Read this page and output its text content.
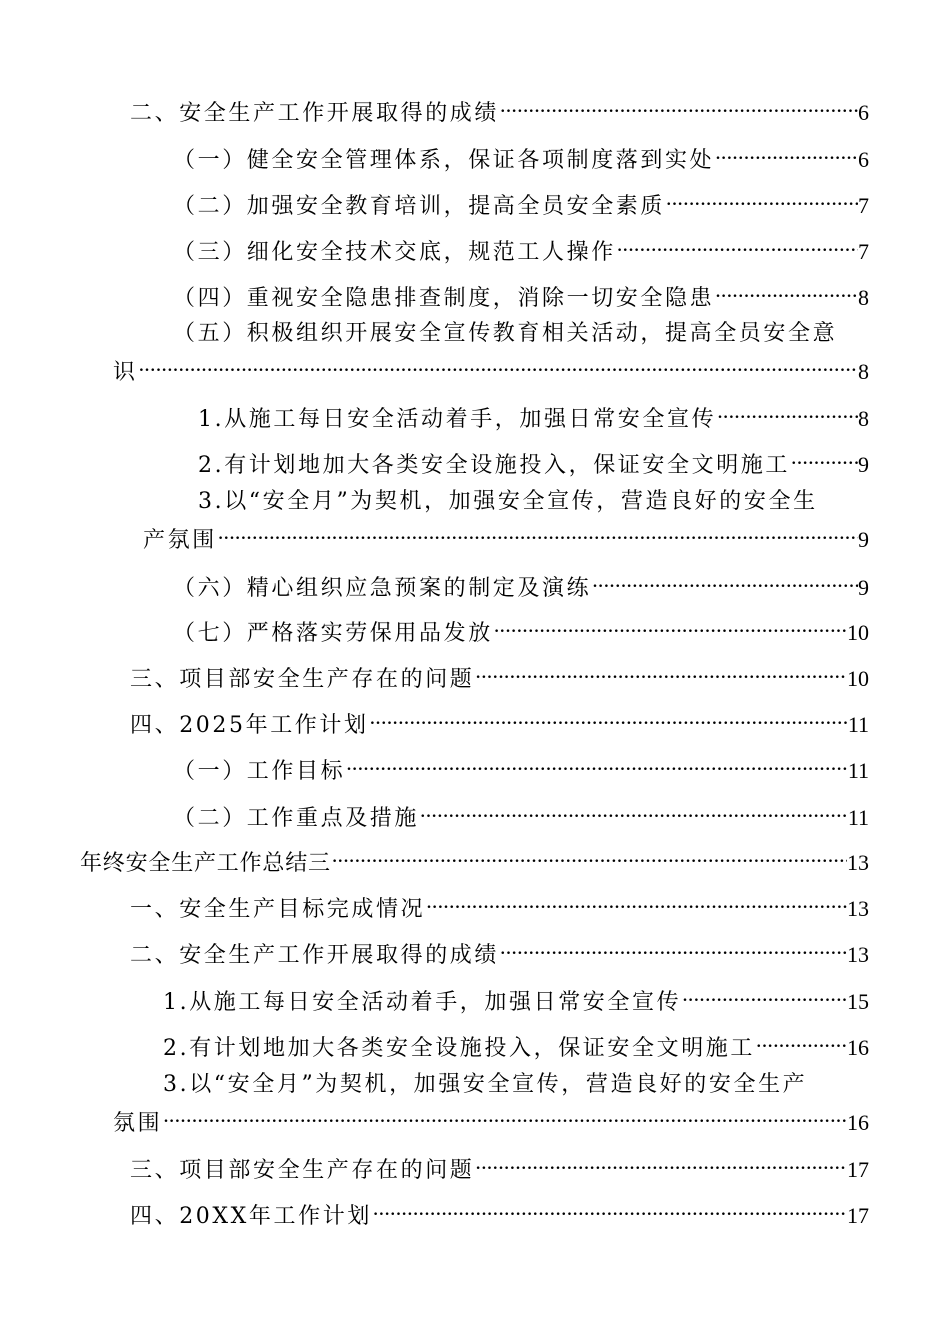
二、安全生产工作开展取得的成绩 .....	6
（一）健全安全管理体系，保证各项制度落到实处 .....	6
（二）加强安全教育培训，提高全员安全素质 .....	7
（三）细化安全技术交底，规范工人操作 .....	7
（四）重视安全隐患排查制度，消除一切安全隐患 .....	8
（五）积极组织开展安全宣传教育相关活动，提高全员安全意
识 .....	8
1.从施工每日安全活动着手，加强日常安全宣传 .....	8
2.有计划地加大各类安全设施投入，保证安全文明施工 .....	9
3.以“安全月”为契机，加强安全宣传，营造良好的安全生
产氛围 .....	9
（六）精心组织应急预案的制定及演练 .....	9
（七）严格落实劳保用品发放 .....	10
三、项目部安全生产存在的问题 .....	10
四、2025年工作计划 .....	11
（一）工作目标 .....	11
（二）工作重点及措施 .....	11
年终安全生产工作总结三 .....	13
一、安全生产目标完成情况 .....	13
二、安全生产工作开展取得的成绩 .....	13
1.从施工每日安全活动着手，加强日常安全宣传 .....	15
2.有计划地加大各类安全设施投入，保证安全文明施工 .....	16
3.以“安全月”为契机，加强安全宣传，营造良好的安全生产
氛围 .....	16
三、项目部安全生产存在的问题 .....	17
四、20XX年工作计划 .....	17
